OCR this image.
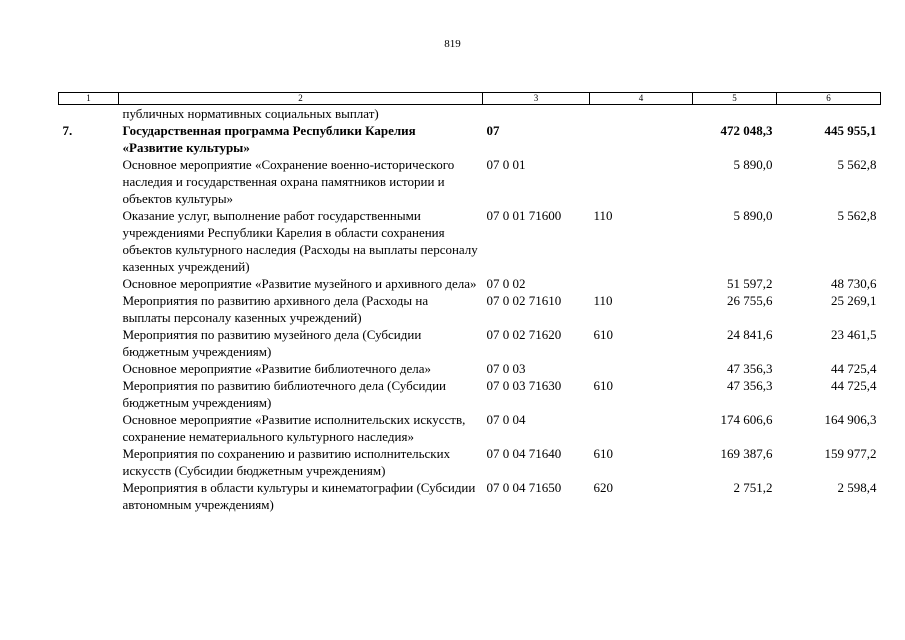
819
1	2	3	4	5	6
	публичных нормативных социальных выплат)				
7.	Государственная программа Республики Карелия «Развитие культуры»	07		472 048,3	445 955,1
	Основное мероприятие «Сохранение военно-исторического наследия и государственная охрана памятников истории и объектов культуры»	07 0 01		5 890,0	5 562,8
	Оказание услуг, выполнение работ государственными учреждениями Республики Карелия в области сохранения объектов культурного наследия (Расходы на выплаты персоналу казенных учреждений)	07 0 01 71600	110	5 890,0	5 562,8
	Основное мероприятие «Развитие музейного и архивного дела»	07 0 02		51 597,2	48 730,6
	Мероприятия по развитию архивного дела (Расходы на выплаты персоналу казенных учреждений)	07 0 02 71610	110	26 755,6	25 269,1
	Мероприятия по развитию музейного дела (Субсидии бюджетным учреждениям)	07 0 02 71620	610	24 841,6	23 461,5
	Основное мероприятие «Развитие библиотечного дела»	07 0 03		47 356,3	44 725,4
	Мероприятия по развитию библиотечного дела (Субсидии бюджетным учреждениям)	07 0 03 71630	610	47 356,3	44 725,4
	Основное мероприятие «Развитие исполнительских искусств, сохранение нематериального культурного наследия»	07 0 04		174 606,6	164 906,3
	Мероприятия по сохранению и развитию исполнительских искусств (Субсидии бюджетным учреждениям)	07 0 04 71640	610	169 387,6	159 977,2
	Мероприятия в области культуры и кинематографии (Субсидии автономным учреждениям)	07 0 04 71650	620	2 751,2	2 598,4
